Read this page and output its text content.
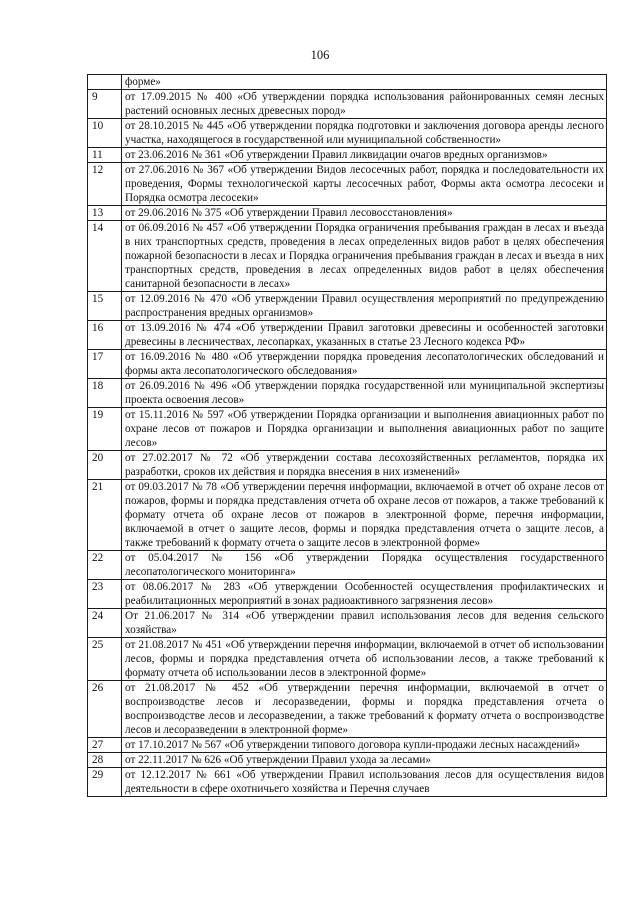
106
	форме»
9	от 17.09.2015 № 400 «Об утверждении порядка использования районированных семян лесных растений основных лесных древесных пород»
10	от 28.10.2015 № 445 «Об утверждении порядка подготовки и заключения договора аренды лесного участка, находящегося в государственной или муниципальной собственности»
11	от 23.06.2016 № 361 «Об утверждении Правил ликвидации очагов вредных организмов»
12	от 27.06.2016 № 367 «Об утверждении Видов лесосечных работ, порядка и последовательности их проведения, Формы технологической карты лесосечных работ, Формы акта осмотра лесосеки и Порядка осмотра лесосеки»
13	от 29.06.2016 № 375 «Об утверждении Правил лесовосстановления»
14	от 06.09.2016 № 457 «Об утверждении Порядка ограничения пребывания граждан в лесах и въезда в них транспортных средств, проведения в лесах определенных видов работ в целях обеспечения пожарной безопасности в лесах и Порядка ограничения пребывания граждан в лесах и въезда в них транспортных средств, проведения в лесах определенных видов работ в целях обеспечения санитарной безопасности в лесах»
15	от 12.09.2016 № 470 «Об утверждении Правил осуществления мероприятий по предупреждению распространения вредных организмов»
16	от 13.09.2016 № 474 «Об утверждении Правил заготовки древесины и особенностей заготовки древесины в лесничествах, лесопарках, указанных в статье 23 Лесного кодекса РФ»
17	от 16.09.2016 № 480 «Об утверждении порядка проведения лесопатологических обследований и формы акта лесопатологического обследования»
18	от 26.09.2016 № 496 «Об утверждении порядка государственной или муниципальной экспертизы проекта освоения лесов»
19	от 15.11.2016 № 597 «Об утверждении Порядка организации и выполнения авиационных работ по охране лесов от пожаров и Порядка организации и выполнения авиационных работ по защите лесов»
20	от 27.02.2017 № 72 «Об утверждении состава лесохозяйственных регламентов, порядка их разработки, сроков их действия и порядка внесения в них изменений»
21	от 09.03.2017 № 78 «Об утверждении перечня информации, включаемой в отчет об охране лесов от пожаров, формы и порядка представления отчета об охране лесов от пожаров, а также требований к формату отчета об охране лесов от пожаров в электронной форме, перечня информации, включаемой в отчет о защите лесов, формы и порядка представления отчета о защите лесов, а также требований к формату отчета о защите лесов в электронной форме»
22	от 05.04.2017 № 156 «Об утверждении Порядка осуществления государственного лесопатологического мониторинга»
23	от 08.06.2017 № 283 «Об утверждении Особенностей осуществления профилактических и реабилитационных мероприятий в зонах радиоактивного загрязнения лесов»
24	От 21.06.2017 № 314 «Об утверждении правил использования лесов для ведения сельского хозяйства»
25	от 21.08.2017 № 451 «Об утверждении перечня информации, включаемой в отчет об использовании лесов, формы и порядка представления отчета об использовании лесов, а также требований к формату отчета об использовании лесов в электронной форме»
26	от 21.08.2017 № 452 «Об утверждении перечня информации, включаемой в отчет о воспроизводстве лесов и лесоразведении, формы и порядка представления отчета о воспроизводстве лесов и лесоразведении, а также требований к формату отчета о воспроизводстве лесов и лесоразведении в электронной форме»
27	от 17.10.2017 № 567 «Об утверждении типового договора купли-продажи лесных насаждений»
28	от 22.11.2017 № 626 «Об утверждении Правил ухода за лесами»
29	от 12.12.2017 № 661 «Об утверждении Правил использования лесов для осуществления видов деятельности в сфере охотничьего хозяйства и Перечня случаев
